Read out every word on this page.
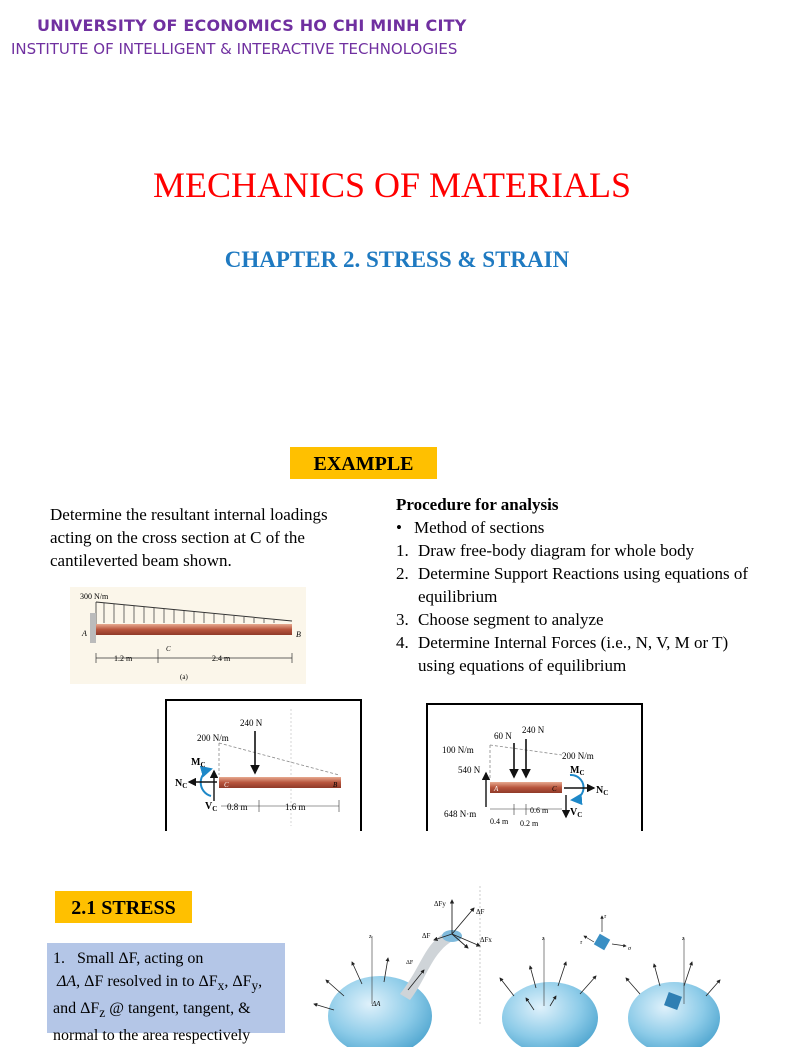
UNIVERSITY OF ECONOMICS HO CHI MINH CITY
INSTITUTE OF INTELLIGENT & INTERACTIVE TECHNOLOGIES
MECHANICS OF MATERIALS
CHAPTER 2. STRESS & STRAIN
EXAMPLE
Determine the resultant internal loadings acting on the cross section at C of the cantileverted beam shown.
Procedure for analysis
• Method of sections
1. Draw free-body diagram for whole body
2. Determine Support Reactions using equations of equilibrium
3. Choose segment to analyze
4. Determine Internal Forces (i.e., N, V, M or T) using equations of equilibrium
300 N/m
A	B
C
1.2 m	2.4 m
(a)
240 N
200 N/m
C	B
$M_C$
$N_C$
$V_C$ 0.8 m	1.6 m
60 N
240 N
100 N/m
200 N/m
540 N
A	C
$M_C$
$N_C$
$V_C$
648 N·m
0.4 m
0.6 m
0.2 m
2.1 STRESS
1. Small ΔF, acting on
ΔA, ΔF resolved in to $\Delta F_x$, $\Delta F_y$,
and $\Delta F_z$ @ tangent, tangent, &
normal to the area respectively
z
ΔA
ΔF
ΔFy
ΔF
ΔF	ΔFx	z	z
τ
τ
σ
